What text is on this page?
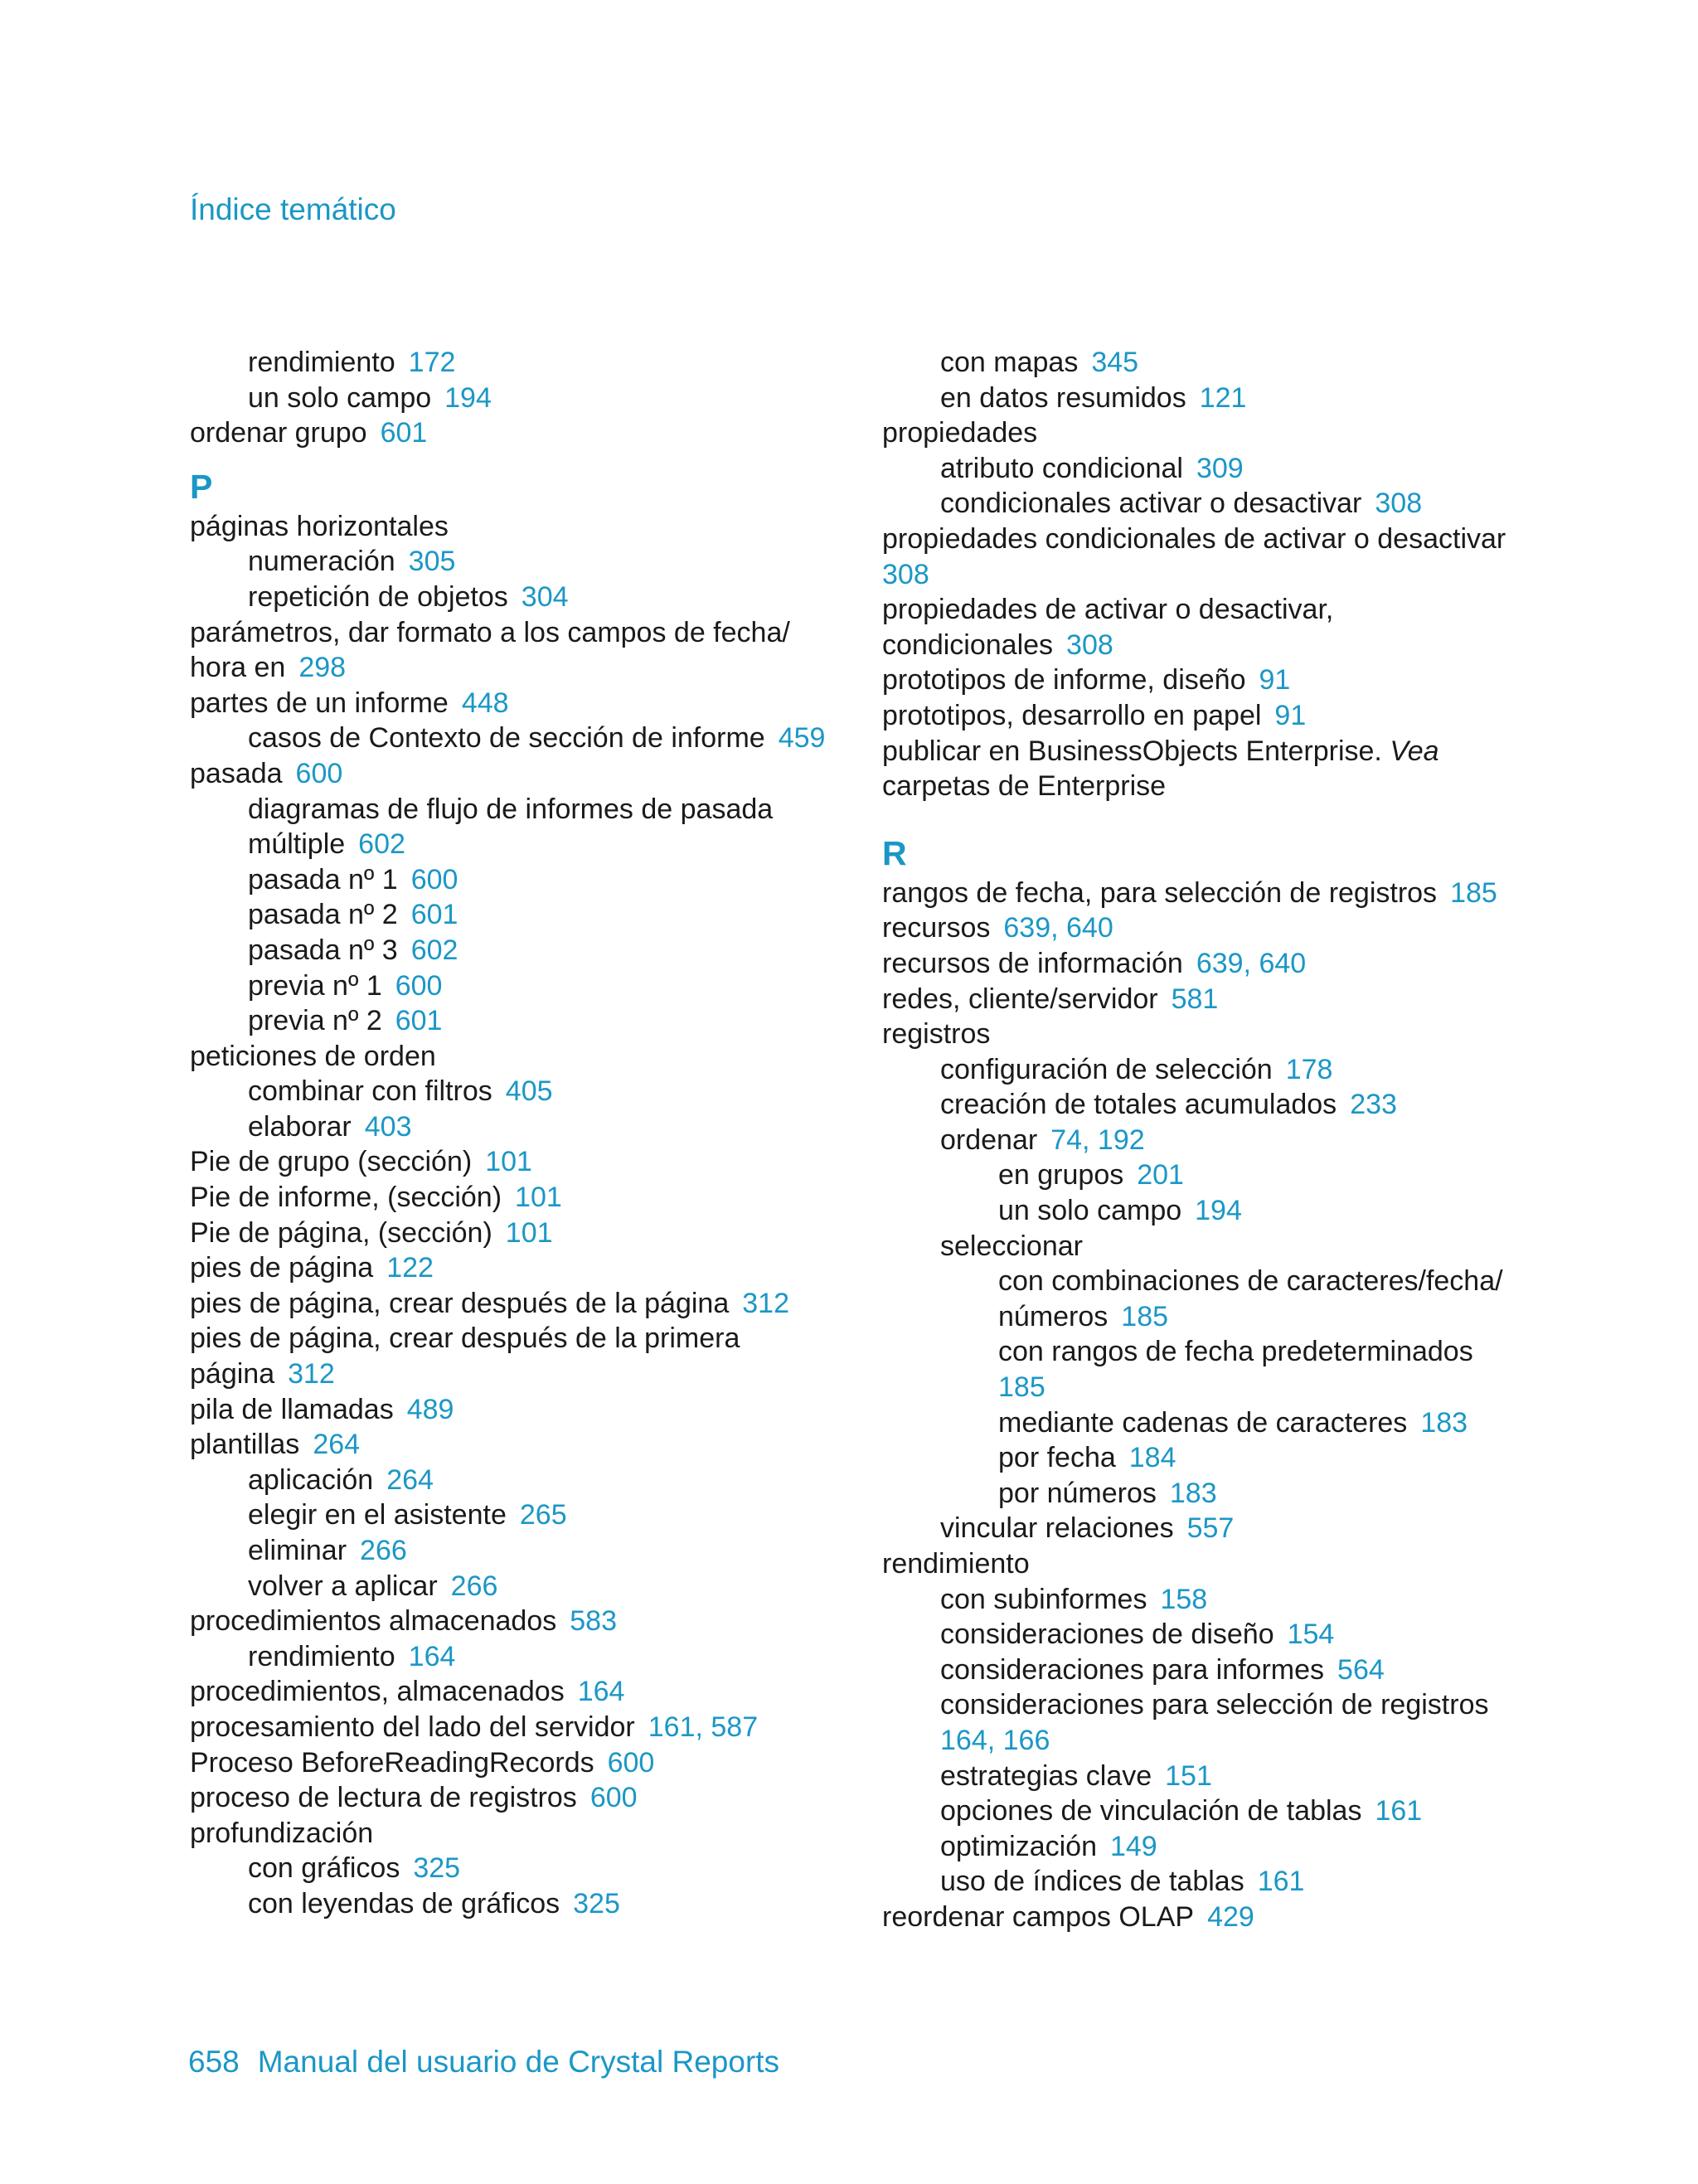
Índice temático
rendimiento 172
un solo campo 194
ordenar grupo 601
P
páginas horizontales
numeración 305
repetición de objetos 304
parámetros, dar formato a los campos de fecha/
hora en 298
partes de un informe 448
casos de Contexto de sección de informe 459
pasada 600
diagramas de flujo de informes de pasada
múltiple 602
pasada nº 1 600
pasada nº 2 601
pasada nº 3 602
previa nº 1 600
previa nº 2 601
peticiones de orden
combinar con filtros 405
elaborar 403
Pie de grupo (sección) 101
Pie de informe, (sección) 101
Pie de página, (sección) 101
pies de página 122
pies de página, crear después de la página 312
pies de página, crear después de la primera
página 312
pila de llamadas 489
plantillas 264
aplicación 264
elegir en el asistente 265
eliminar 266
volver a aplicar 266
procedimientos almacenados 583
rendimiento 164
procedimientos, almacenados 164
procesamiento del lado del servidor 161, 587
Proceso BeforeReadingRecords 600
proceso de lectura de registros 600
profundización
con gráficos 325
con leyendas de gráficos 325
con mapas 345
en datos resumidos 121
propiedades
atributo condicional 309
condicionales activar o desactivar 308
propiedades condicionales de activar o desactivar
308
propiedades de activar o desactivar,
condicionales 308
prototipos de informe, diseño 91
prototipos, desarrollo en papel 91
publicar en BusinessObjects Enterprise. Vea
carpetas de Enterprise
R
rangos de fecha, para selección de registros 185
recursos 639, 640
recursos de información 639, 640
redes, cliente/servidor 581
registros
configuración de selección 178
creación de totales acumulados 233
ordenar 74, 192
en grupos 201
un solo campo 194
seleccionar
con combinaciones de caracteres/fecha/
números 185
con rangos de fecha predeterminados
185
mediante cadenas de caracteres 183
por fecha 184
por números 183
vincular relaciones 557
rendimiento
con subinformes 158
consideraciones de diseño 154
consideraciones para informes 564
consideraciones para selección de registros
164, 166
estrategias clave 151
opciones de vinculación de tablas 161
optimización 149
uso de índices de tablas 161
reordenar campos OLAP 429
658 Manual del usuario de Crystal Reports
